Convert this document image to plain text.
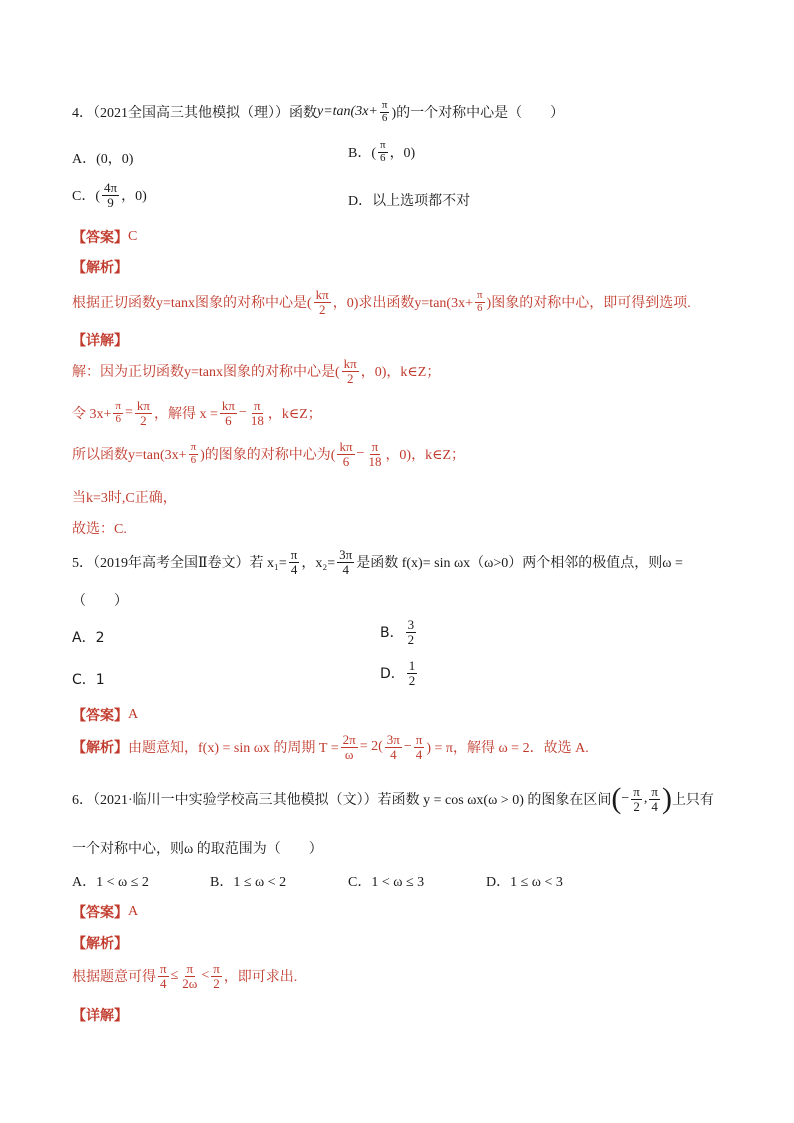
4．（2021全国高三其他模拟（理））函数 $y=\tan(3x+ \frac{\pi}{6}$ )的一个对称中心是（　　）
A．(0，0)	B．( $\frac{\pi}{6}$ ，0)
C．( $\frac{4\pi}{9}$ ，0)	D．以上选项都不对
【答案】 C
【解析】
根据正切函数y=tanx图象的对称中心是( $\frac{k\pi}{2}$ ，0)求出函数$y=\tan(3x+ \frac{\pi}{6}$ )图象的对称中心，即可得到选项.
【详解】
解：因为正切函数y=tanx图象的对称中心是( $\frac{k\pi}{2}$ ，0)，k∈Z；
令 $3x+ \frac{\pi}{6} = \frac{k\pi}{2}$ ，解得 $x = \frac{k\pi}{6} - \frac{\pi}{18}$ ，k∈Z；
所以函数$y=\tan(3x+ \frac{\pi}{6}$ )的图象的对称中心为( $\frac{k\pi}{6} - \frac{\pi}{18}$ ，0)，k∈Z；
当k=3时,C正确，
故选：C.
5．（2019年高考全国Ⅱ卷文）若 $x_1= \frac{\pi}{4}$ ，$x_2= \frac{3\pi}{4}$ 是函数 f(x)= sin ωx（ω>0）两个相邻的极值点，则ω =
（　　）
A．2	B． $\frac{3}{2}$
C．1	D． $\frac{1}{2}$
【答案】 A
【解析】 由题意知，f(x) = sin ωx 的周期 $T = \frac{2\pi}{\omega} = 2( \frac{3\pi}{4} - \frac{\pi}{4}$ ) = π，解得 ω = 2．故选 A.
6．（2021·临川一中实验学校高三其他模拟（文））若函数 y = cos ωx(ω > 0) 的图象在区间 ( − $\frac{\pi}{2}$ , $\frac{\pi}{4}$ ) 上只有
一个对称中心，则ω 的取范围为（　　）
A．1 < ω ≤ 2	B．1 ≤ ω < 2	C．1 < ω ≤ 3	D．1 ≤ ω < 3
【答案】 A
【解析】
根据题意可得 $\frac{\pi}{4} \le \frac{\pi}{2\omega} < \frac{\pi}{2}$ ，即可求出.
【详解】
